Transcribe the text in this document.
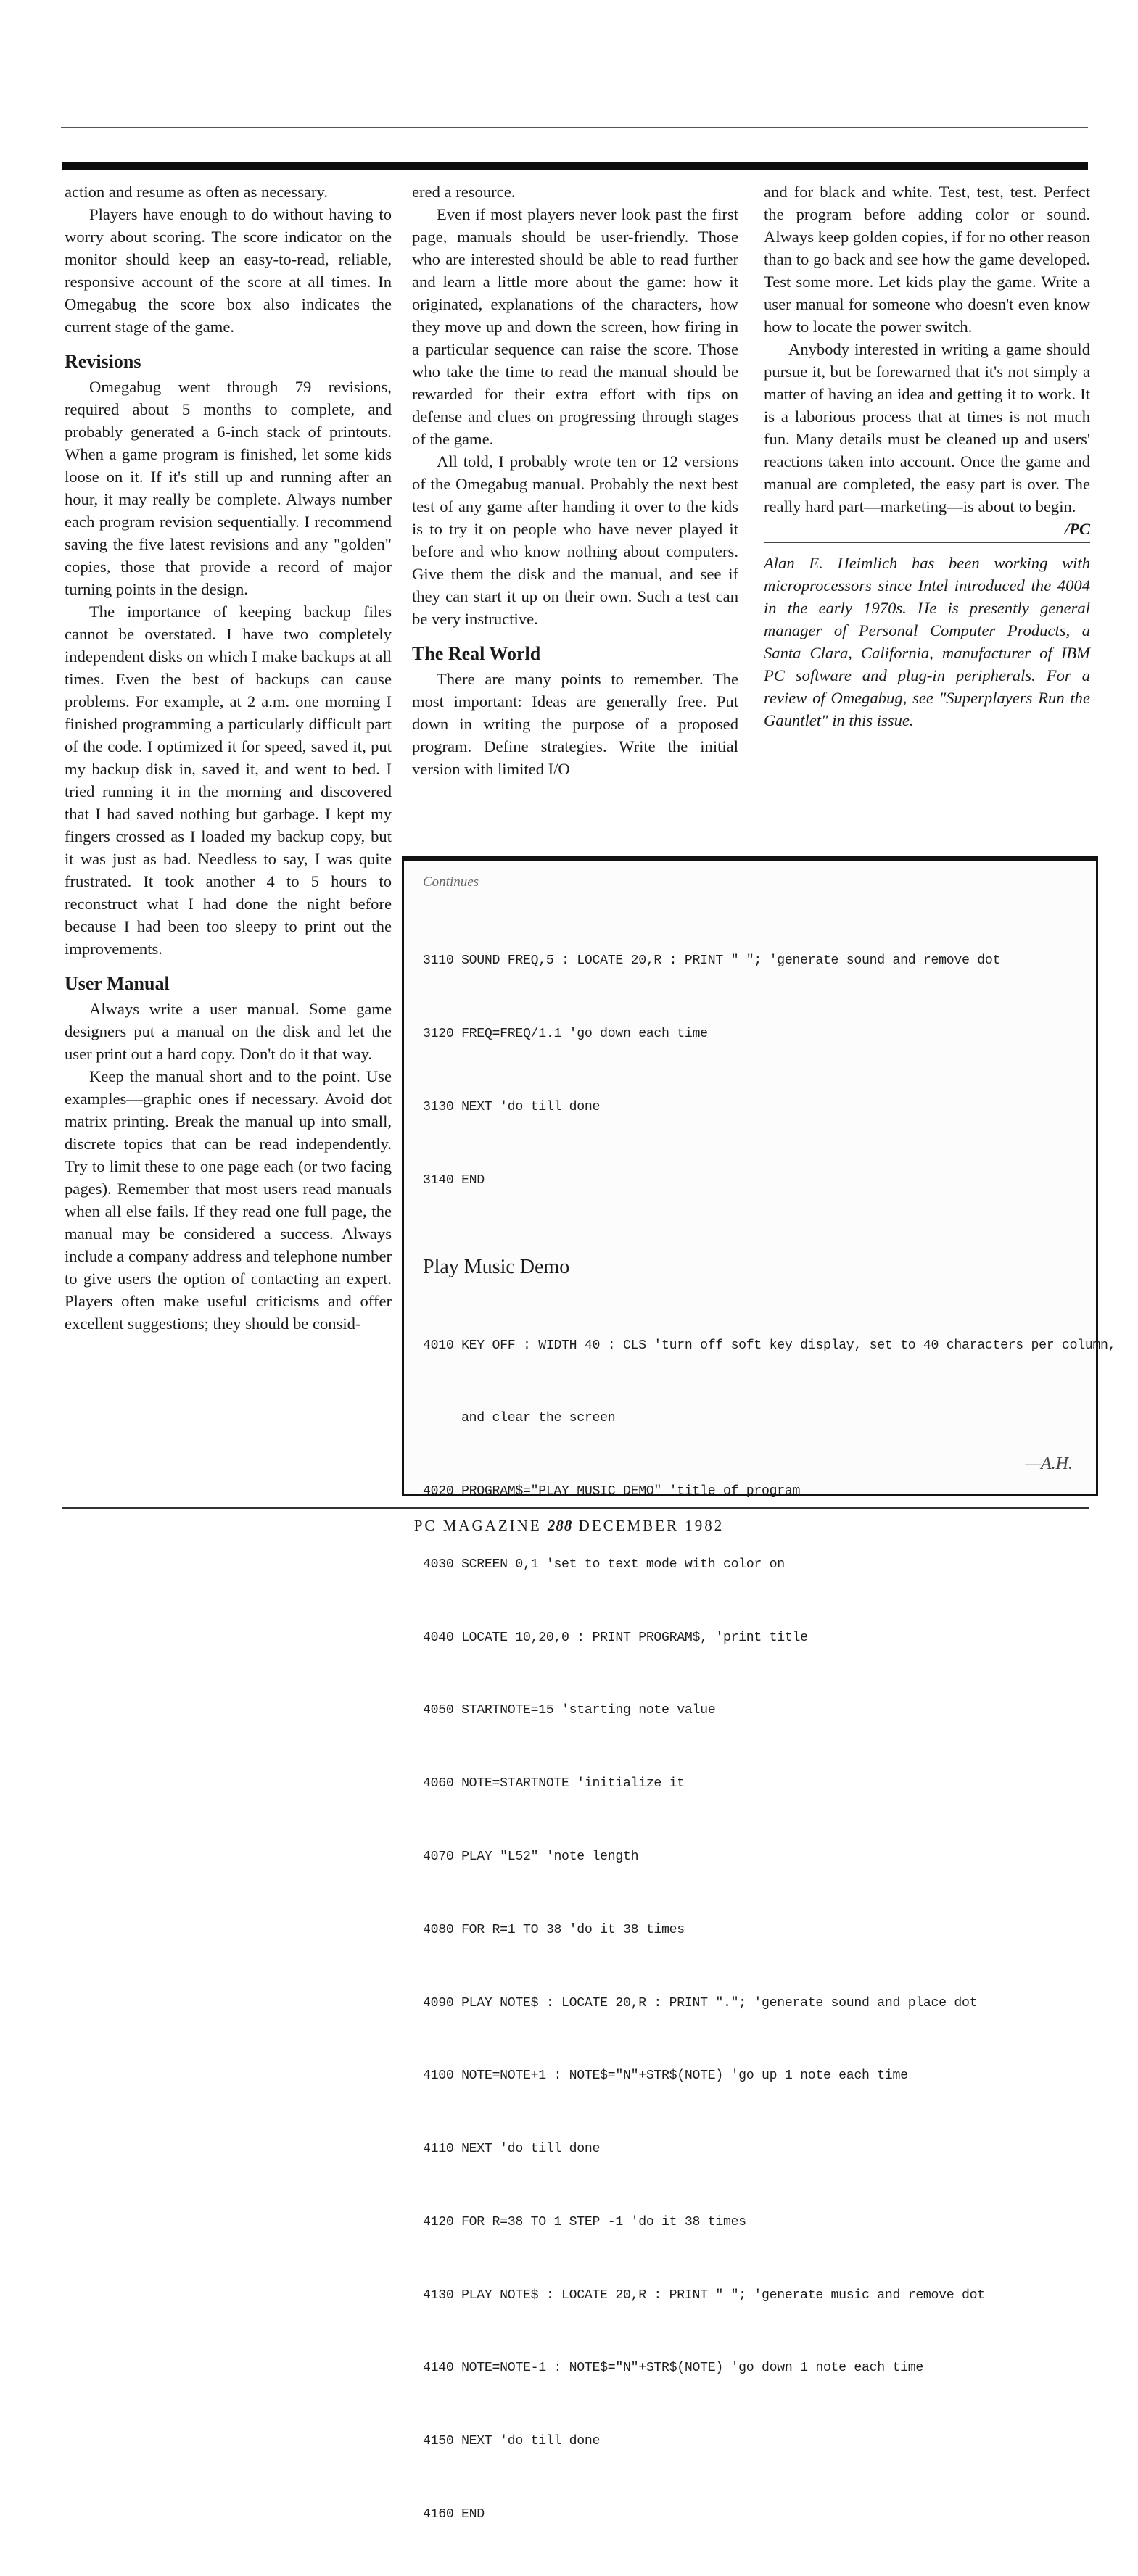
action and resume as often as necessary.

Players have enough to do without having to worry about scoring. The score indicator on the monitor should keep an easy-to-read, reliable, responsive account of the score at all times. In Omegabug the score box also indicates the current stage of the game.

Revisions

Omegabug went through 79 revisions, required about 5 months to complete, and probably generated a 6-inch stack of printouts. When a game program is finished, let some kids loose on it. If it's still up and running after an hour, it may really be complete. Always number each program revision sequentially. I recommend saving the five latest revisions and any "golden" copies, those that provide a record of major turning points in the design.

The importance of keeping backup files cannot be overstated. I have two completely independent disks on which I make backups at all times. Even the best of backups can cause problems. For example, at 2 a.m. one morning I finished programming a particularly difficult part of the code. I optimized it for speed, saved it, put my backup disk in, saved it, and went to bed. I tried running it in the morning and discovered that I had saved nothing but garbage. I kept my fingers crossed as I loaded my backup copy, but it was just as bad. Needless to say, I was quite frustrated. It took another 4 to 5 hours to reconstruct what I had done the night before because I had been too sleepy to print out the improvements.

User Manual

Always write a user manual. Some game designers put a manual on the disk and let the user print out a hard copy. Don't do it that way.

Keep the manual short and to the point. Use examples—graphic ones if necessary. Avoid dot matrix printing. Break the manual up into small, discrete topics that can be read independently. Try to limit these to one page each (or two facing pages). Remember that most users read manuals when all else fails. If they read one full page, the manual may be considered a success. Always include a company address and telephone number to give users the option of contacting an expert. Players often make useful criticisms and offer excellent suggestions; they should be consid-

ered a resource.

Even if most players never look past the first page, manuals should be user-friendly. Those who are interested should be able to read further and learn a little more about the game: how it originated, explanations of the characters, how they move up and down the screen, how firing in a particular sequence can raise the score. Those who take the time to read the manual should be rewarded for their extra effort with tips on defense and clues on progressing through stages of the game.

All told, I probably wrote ten or 12 versions of the Omegabug manual. Probably the next best test of any game after handing it over to the kids is to try it on people who have never played it before and who know nothing about computers. Give them the disk and the manual, and see if they can start it up on their own. Such a test can be very instructive.

The Real World

There are many points to remember. The most important: Ideas are generally free. Put down in writing the purpose of a proposed program. Define strategies. Write the initial version with limited I/O

and for black and white. Test, test, test. Perfect the program before adding color or sound. Always keep golden copies, if for no other reason than to go back and see how the game developed. Test some more. Let kids play the game. Write a user manual for someone who doesn't even know how to locate the power switch.

Anybody interested in writing a game should pursue it, but be forewarned that it's not simply a matter of having an idea and getting it to work. It is a laborious process that at times is not much fun. Many details must be cleaned up and users' reactions taken into account. Once the game and manual are completed, the easy part is over. The really hard part—marketing—is about to begin.
/PC

Alan E. Heimlich has been working with microprocessors since Intel introduced the 4004 in the early 1970s. He is presently general manager of Personal Computer Products, a Santa Clara, California, manufacturer of IBM PC software and plug-in peripherals. For a review of Omegabug, see "Superplayers Run the Gauntlet" in this issue.

Continues

3110 SOUND FREQ,5 : LOCATE 20,R : PRINT " "; 'generate sound and remove dot

3120 FREQ=FREQ/1.1 'go down each time

3130 NEXT 'do till done

3140 END

Play Music Demo

4010 KEY OFF : WIDTH 40 : CLS 'turn off soft key display, set to 40 characters per column,

and clear the screen

4020 PROGRAM$="PLAY MUSIC DEMO" 'title of program

4030 SCREEN 0,1 'set to text mode with color on

4040 LOCATE 10,20,0 : PRINT PROGRAM$, 'print title

4050 STARTNOTE=15 'starting note value

4060 NOTE=STARTNOTE 'initialize it

4070 PLAY "L52" 'note length

4080 FOR R=1 TO 38 'do it 38 times

4090 PLAY NOTE$ : LOCATE 20,R : PRINT "."; 'generate sound and place dot

4100 NOTE=NOTE+1 : NOTE$="N"+STR$(NOTE) 'go up 1 note each time

4110 NEXT 'do till done

4120 FOR R=38 TO 1 STEP -1 'do it 38 times

4130 PLAY NOTE$ : LOCATE 20,R : PRINT " "; 'generate music and remove dot

4140 NOTE=NOTE-1 : NOTE$="N"+STR$(NOTE) 'go down 1 note each time

4150 NEXT 'do till done

4160 END

—A.H.
PC MAGAZINE 288 DECEMBER 1982
